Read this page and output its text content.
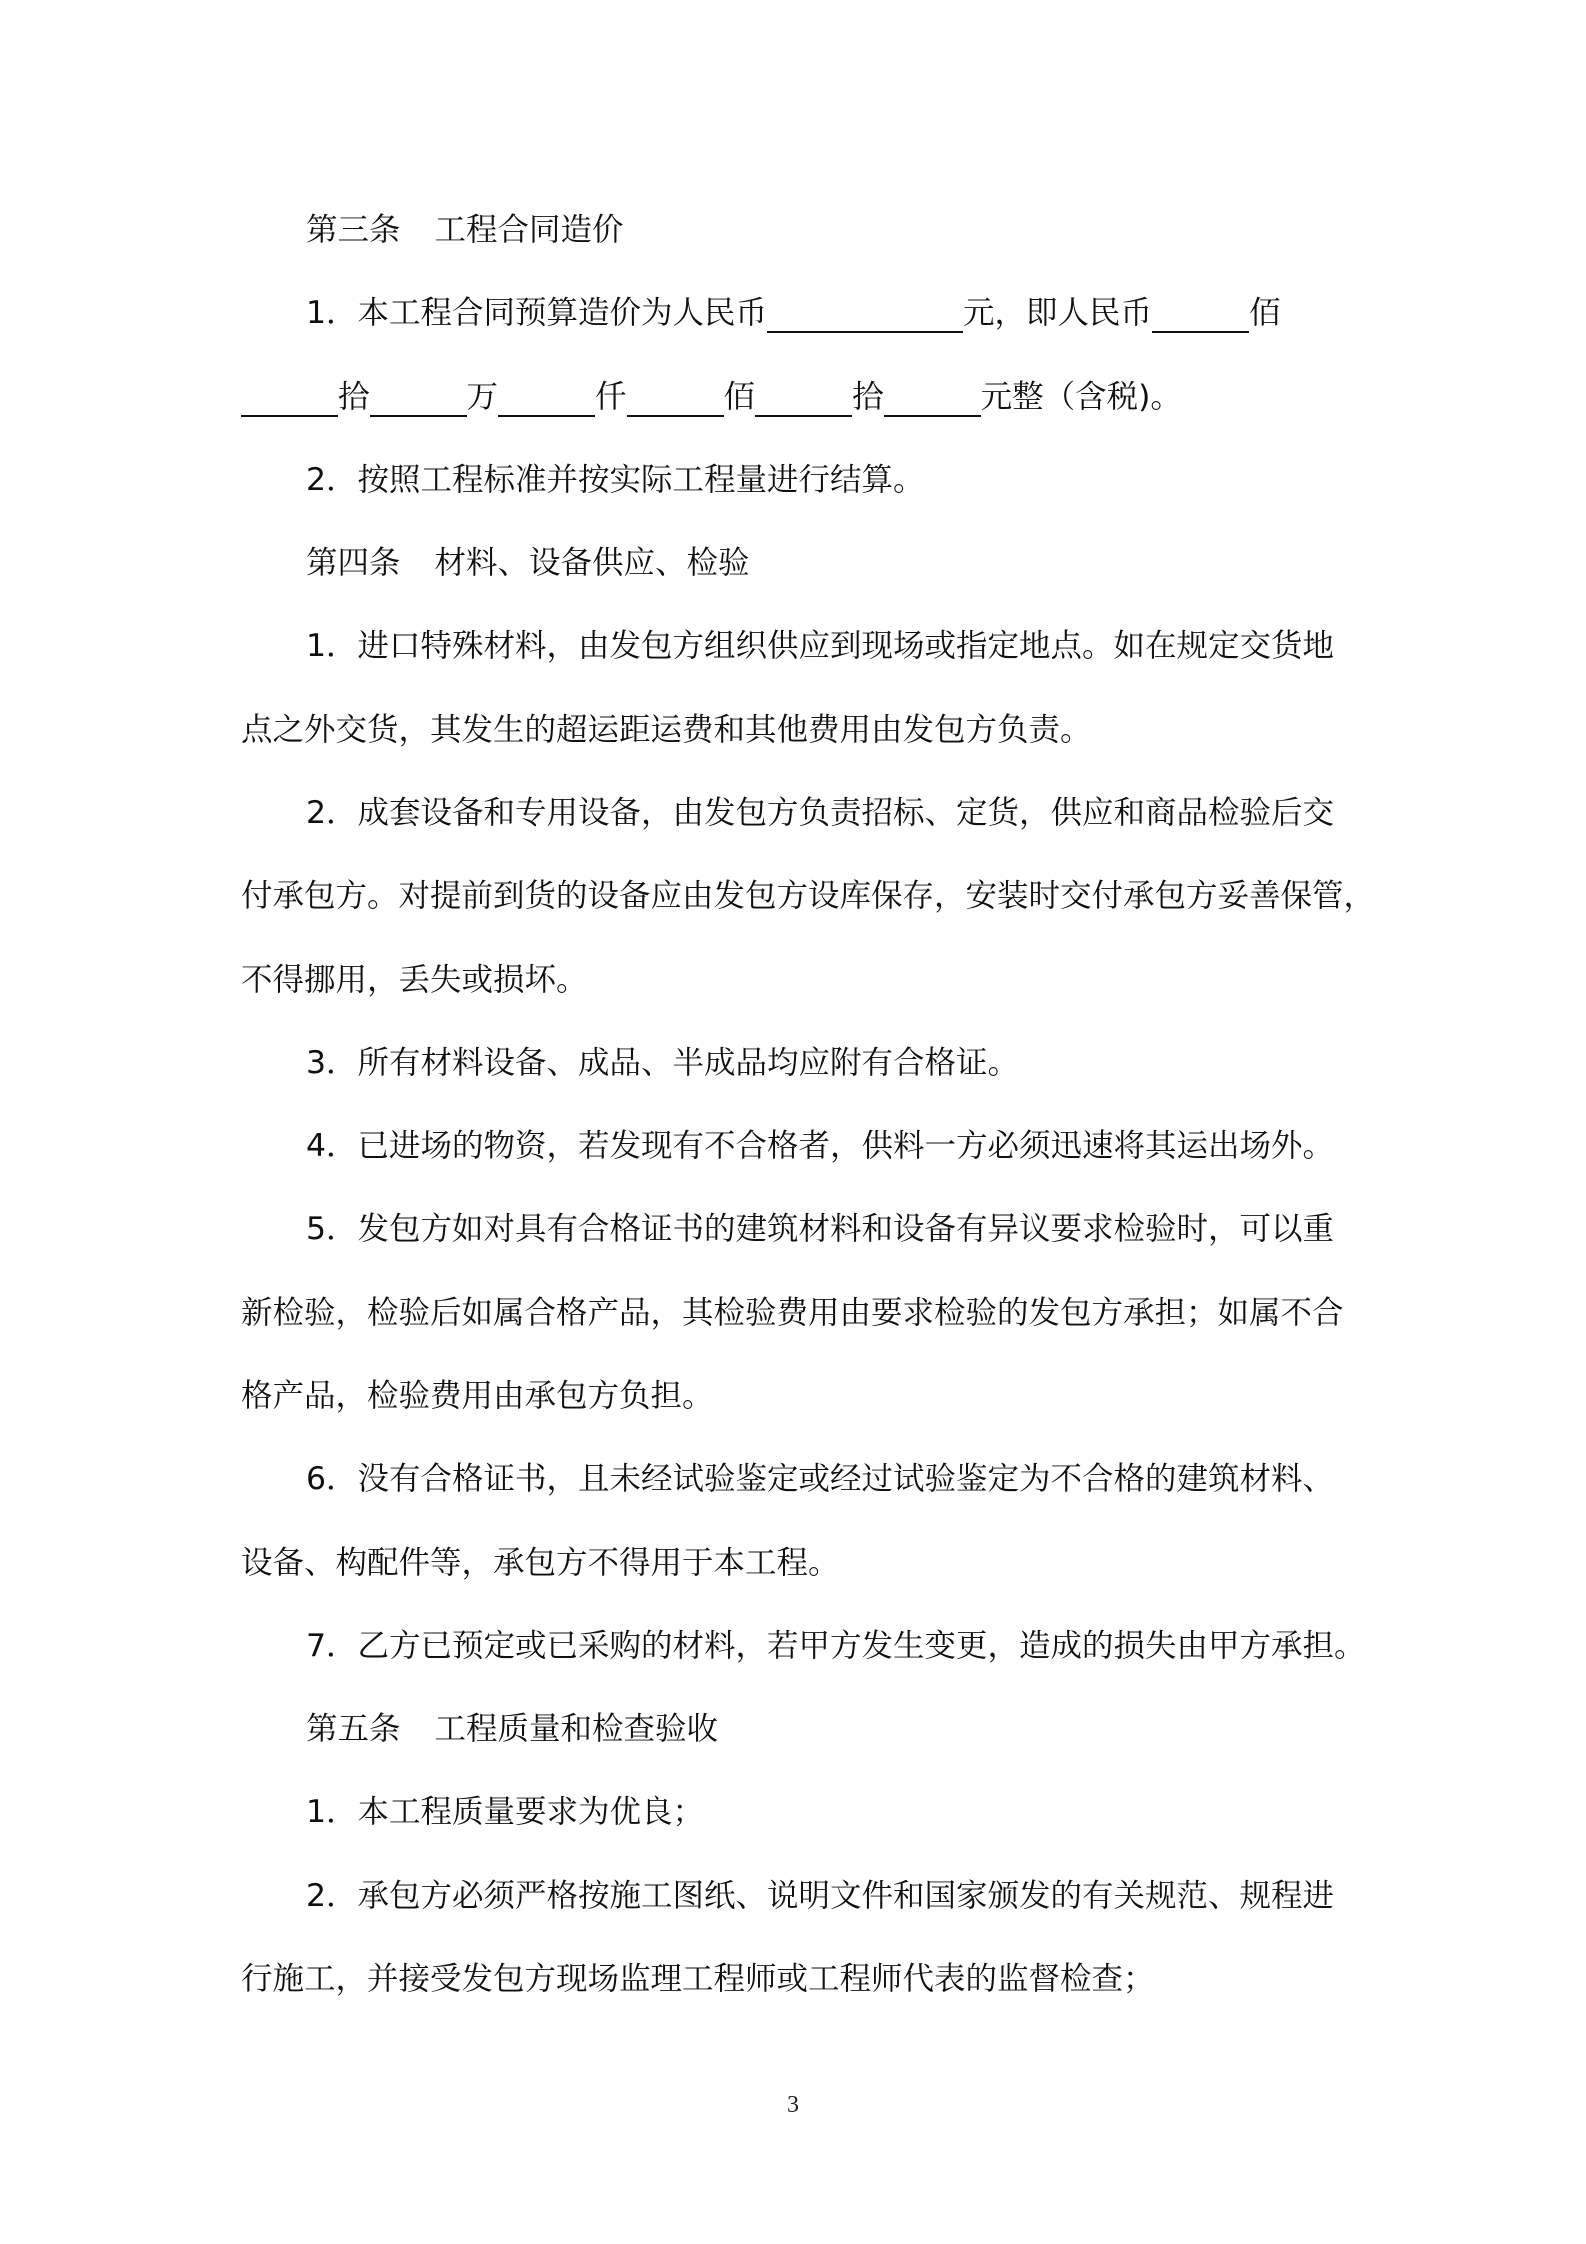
第三条 工程合同造价
1．本工程合同预算造价为人民币	元，即人民币	佰
拾	万	仟	佰	拾	元整（含税)。
2．按照工程标准并按实际工程量进行结算。
第四条 材料、设备供应、检验
1．进口特殊材料，由发包方组织供应到现场或指定地点。如在规定交货地
点之外交货，其发生的超运距运费和其他费用由发包方负责。
2．成套设备和专用设备，由发包方负责招标、定货，供应和商品检验后交
付承包方。对提前到货的设备应由发包方设库保存，安装时交付承包方妥善保管，
不得挪用，丢失或损坏。
3．所有材料设备、成品、半成品均应附有合格证。
4．已进场的物资，若发现有不合格者，供料一方必须迅速将其运出场外。
5．发包方如对具有合格证书的建筑材料和设备有异议要求检验时，可以重
新检验，检验后如属合格产品，其检验费用由要求检验的发包方承担；如属不合
格产品，检验费用由承包方负担。
6．没有合格证书，且未经试验鉴定或经过试验鉴定为不合格的建筑材料、
设备、构配件等，承包方不得用于本工程。
7．乙方已预定或已采购的材料，若甲方发生变更，造成的损失由甲方承担。
第五条 工程质量和检查验收
1．本工程质量要求为优良；
2．承包方必须严格按施工图纸、说明文件和国家颁发的有关规范、规程进
行施工，并接受发包方现场监理工程师或工程师代表的监督检查；
3
